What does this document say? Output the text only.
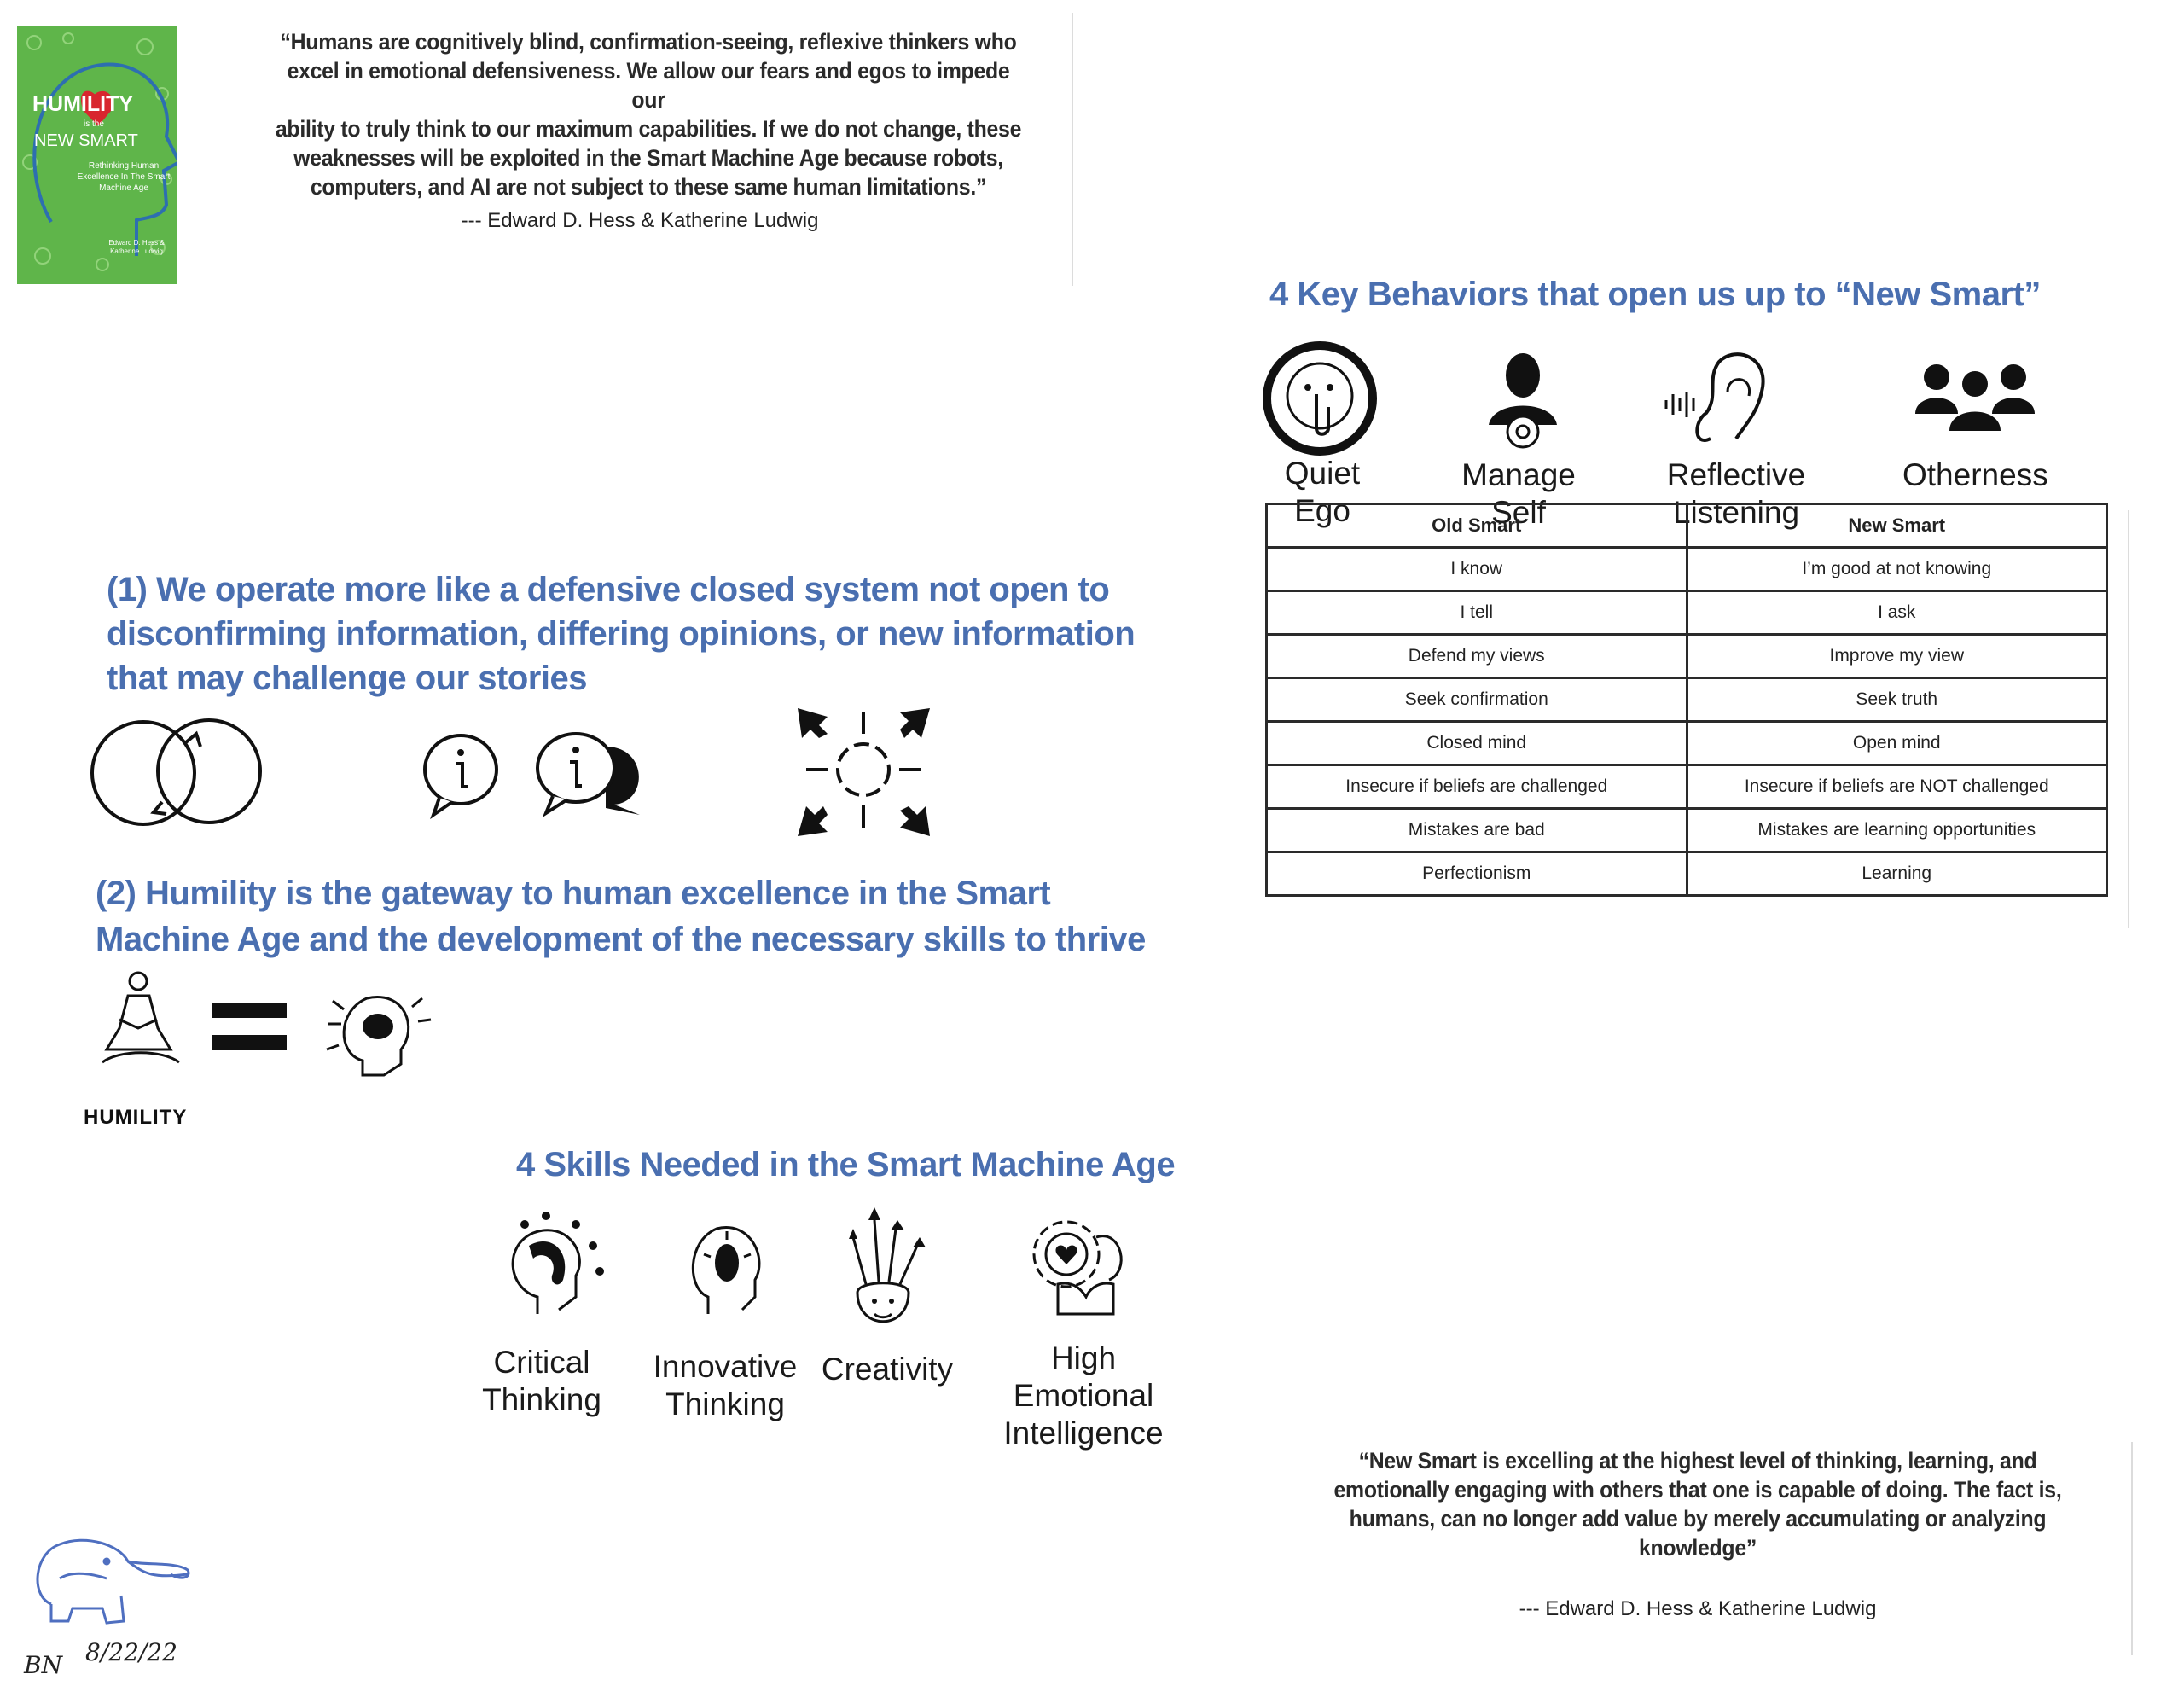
HUMILITY
is the
NEW SMART
Rethinking Human Excellence In The Smart Machine Age
Edward D. Hess & Katherine Ludwig
“Humans are cognitively blind, confirmation-seeing, reflexive thinkers who
excel in emotional defensiveness. We allow our fears and egos to impede our
ability to truly think to our maximum capabilities. If we do not change, these
weaknesses will be exploited in the Smart Machine Age because robots,
computers, and AI are not subject to these same human limitations.”
--- Edward D. Hess & Katherine Ludwig
4 Key Behaviors that open us up to “New Smart”
Quiet Ego
Manage Self
Reflective Listening
Otherness
Old Smart	New Smart
I know	I’m good at not knowing
I tell	I ask
Defend my views	Improve my view
Seek confirmation	Seek truth
Closed mind	Open mind
Insecure if beliefs are challenged	Insecure if beliefs are NOT challenged
Mistakes are bad	Mistakes are learning opportunities
Perfectionism	Learning
(1) We operate more like a defensive closed system not open to
disconfirming information, differing opinions, or new information
that may challenge our stories
(2) Humility is the gateway to human excellence in the Smart
Machine Age and the development of the necessary skills to thrive
HUMILITY
4 Skills Needed in the Smart Machine Age
Critical
Thinking
Innovative
Thinking
Creativity	High Emotional
Intelligence
“New Smart is excelling at the highest level of thinking, learning, and
emotionally engaging with others that one is capable of doing. The fact is,
humans, can no longer add value by merely accumulating or analyzing
knowledge”
--- Edward D. Hess & Katherine Ludwig
BN 8/22/22
